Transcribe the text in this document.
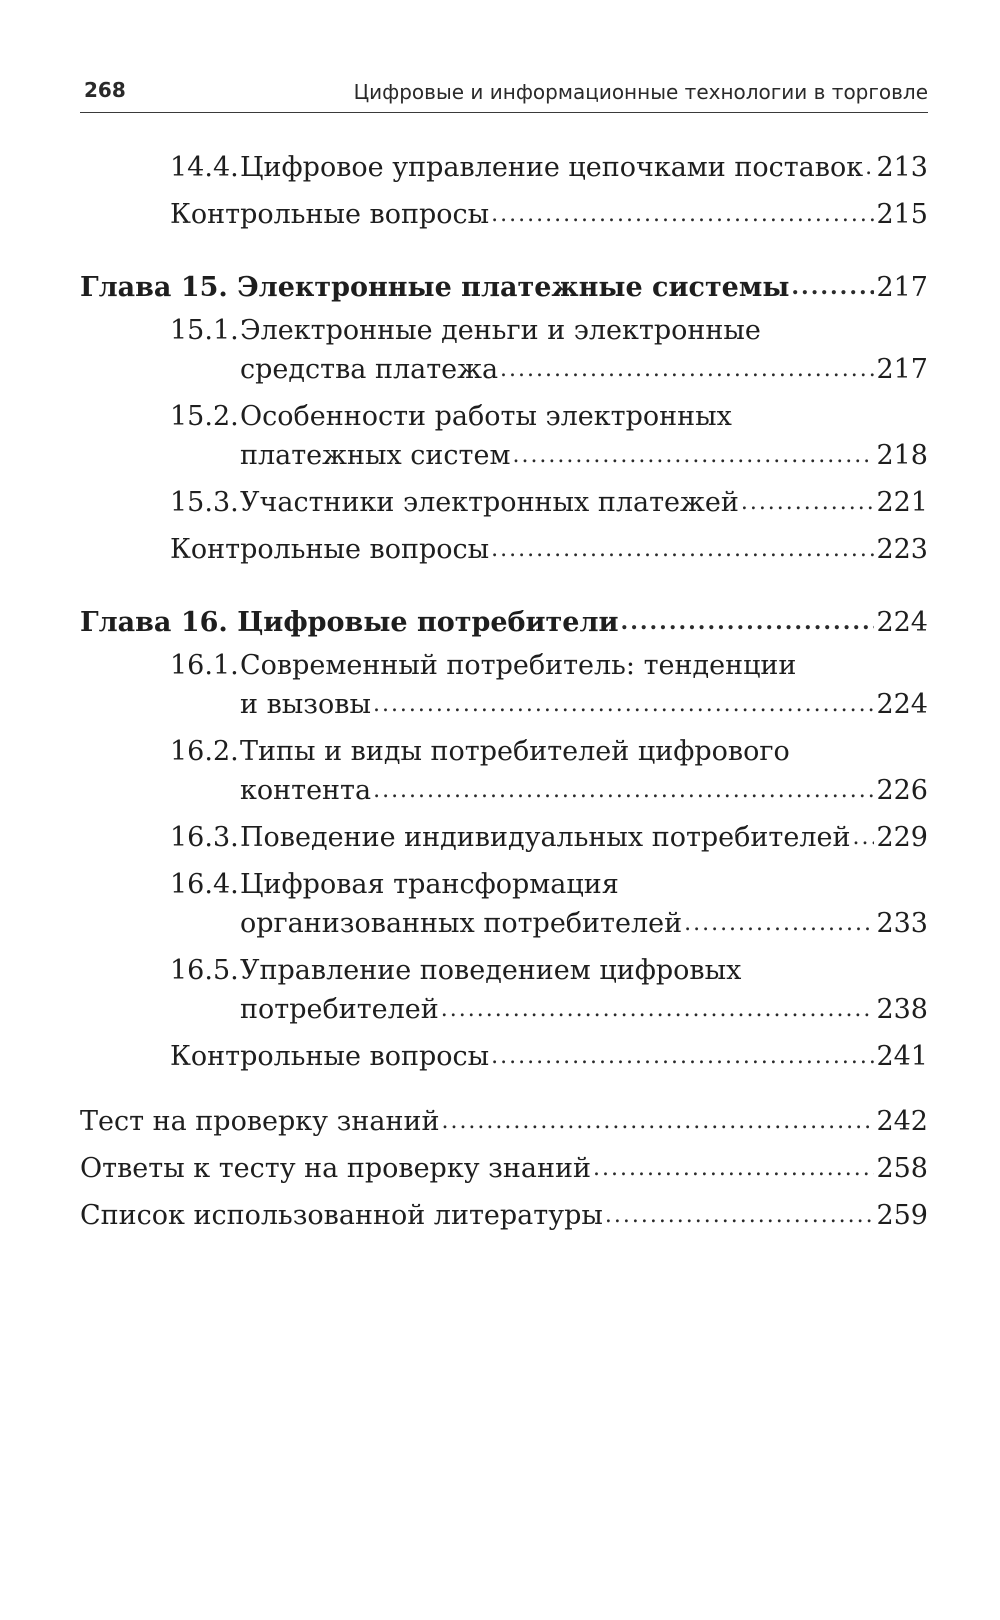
268	Цифровые и информационные технологии в торговле
14.4.Цифровое управление цепочками поставок ..... 213
Контрольные вопросы .....	215
Глава 15. Электронные платежные системы .....	217
15.1.Электронные деньги и электронные
средства платежа .....	217
15.2.Особенности работы электронных
платежных систем .....	218
15.3.Участники электронных платежей .....	221
Контрольные вопросы .....	223
Глава 16. Цифровые потребители .....	224
16.1.Современный потребитель: тенденции
и вызовы .....	224
16.2.Типы и виды потребителей цифрового
контента .....	226
16.3.Поведение индивидуальных потребителей ..... 229
16.4.Цифровая трансформация
организованных потребителей .....	233
16.5.Управление поведением цифровых
потребителей .....	238
Контрольные вопросы .....	241
Тест на проверку знаний .....	242
Ответы к тесту на проверку знаний .....	258
Список использованной литературы .....	259
